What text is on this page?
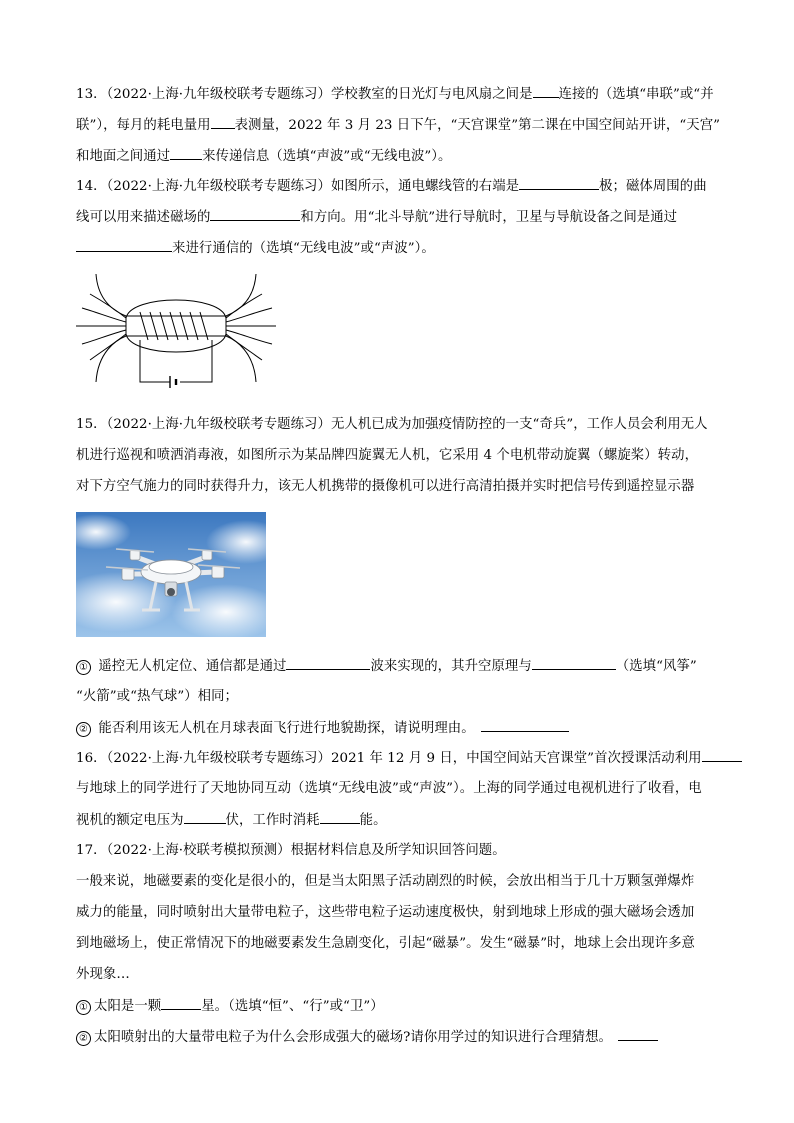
13．（2022·上海·九年级校联考专题练习）学校教室的日光灯与电风扇之间是 连接的（选填“串联”或“并
联”），每月的耗电量用 表测量，2022 年 3 月 23 日下午，“天宫课堂”第二课在中国空间站开讲，“天宫”
和地面之间通过 来传递信息（选填“声波”或“无线电波”）。
14．（2022·上海·九年级校联考专题练习）如图所示，通电螺线管的右端是	极；磁体周围的曲
线可以用来描述磁场的	和方向。用“北斗导航”进行导航时，卫星与导航设备之间是通过
来进行通信的（选填“无线电波”或“声波”）。
15．（2022·上海·九年级校联考专题练习）无人机已成为加强疫情防控的一支“奇兵”，工作人员会利用无人
机进行巡视和喷洒消毒液，如图所示为某品牌四旋翼无人机，它采用 4 个电机带动旋翼（螺旋桨）转动，
对下方空气施力的同时获得升力，该无人机携带的摄像机可以进行高清拍摄并实时把信号传到遥控显示器
① 遥控无人机定位、通信都是通过	波来实现的，其升空原理与	（选填“风筝”
“火箭”或“热气球”）相同；
② 能否利用该无人机在月球表面飞行进行地貌勘探，请说明理由。
16．（2022·上海·九年级校联考专题练习）2021 年 12 月 9 日，中国空间站天宫课堂”首次授课活动利用
与地球上的同学进行了天地协同互动（选填“无线电波”或“声波”）。上海的同学通过电视机进行了收看，电
视机的额定电压为	伏，工作时消耗	能。
17．（2022·上海·校联考模拟预测）根据材料信息及所学知识回答问题。
一般来说，地磁要素的变化是很小的，但是当太阳黑子活动剧烈的时候，会放出相当于几十万颗氢弹爆炸
威力的能量，同时喷射出大量带电粒子，这些带电粒子运动速度极快，射到地球上形成的强大磁场会透加
到地磁场上，使正常情况下的地磁要素发生急剧变化，引起“磁暴”。发生“磁暴”时，地球上会出现许多意
外现象…
① 太阳是一颗	星。（选填“恒”、“行”或“卫”）
② 太阳喷射出的大量带电粒子为什么会形成强大的磁场?请你用学过的知识进行合理猜想。
